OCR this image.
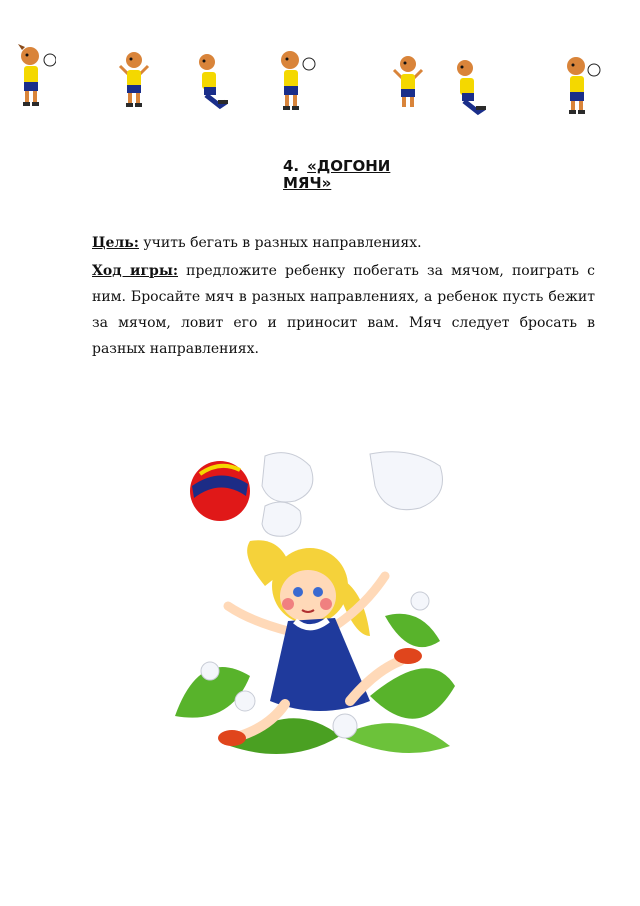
4. «ДОГОНИ МЯЧ»

Цель: учить бегать в разных направлениях.

Ход игры: предложите ребенку побегать за мячом, поиграть с ним. Бросайте мяч в разных направлениях, а ребенок пусть бежит за мячом, ловит его и приносит вам. Мяч следует бросать в разных направлениях.
